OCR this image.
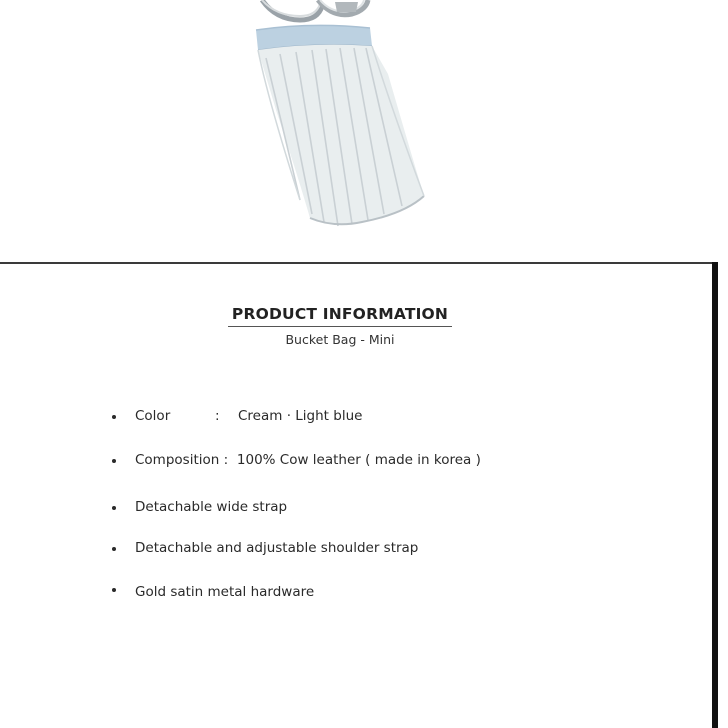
PRODUCT INFORMATION
Bucket Bag - Mini
Color	: Cream · Light blue
Composition : 100% Cow leather ( made in korea )
Detachable wide strap
Detachable and adjustable shoulder strap
Gold satin metal hardware
